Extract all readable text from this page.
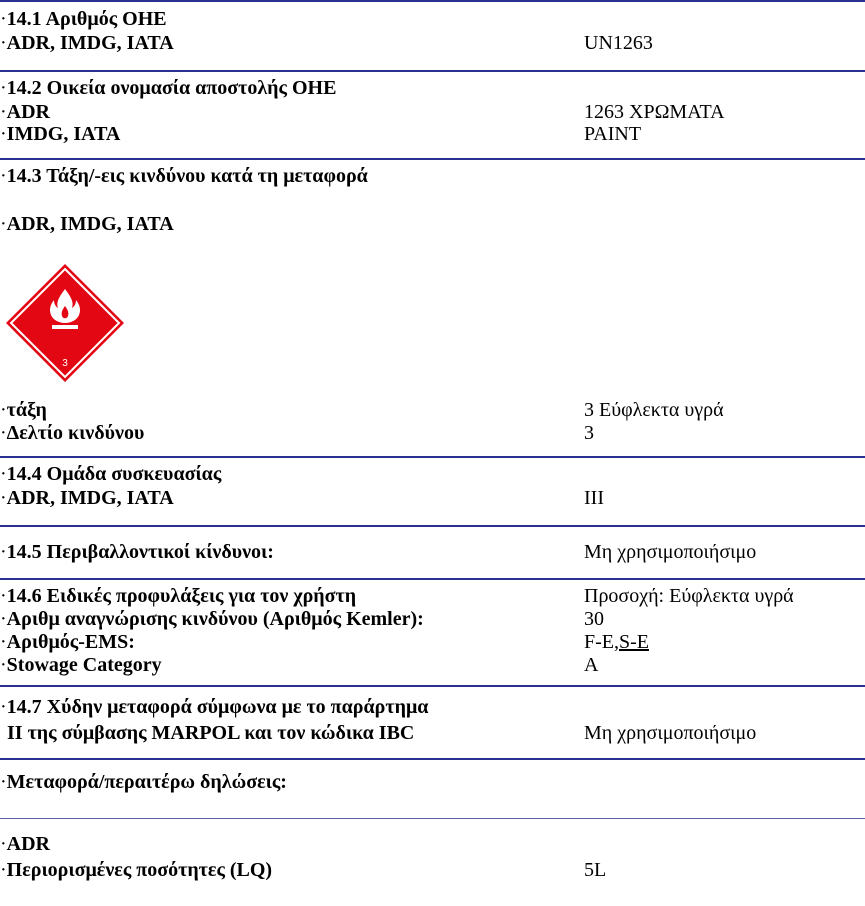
·14.1 Αριθμός ΟΗΕ
·ADR, IMDG, IATA	UN1263
·14.2 Οικεία ονομασία αποστολής ΟΗΕ
·ADR	1263 ΧΡΩΜΑΤΑ
·IMDG, IATA	PAINT
·14.3 Τάξη/-εις κινδύνου κατά τη μεταφορά
·ADR, IMDG, IATA
3
·τάξη	3 Εύφλεκτα υγρά
·Δελτίο κινδύνου	3
·14.4 Ομάδα συσκευασίας
·ADR, IMDG, IATA	III
·14.5 Περιβαλλοντικοί κίνδυνοι:	Μη χρησιμοποιήσιμο
·14.6 Ειδικές προφυλάξεις για τον χρήστη	Προσοχή: Εύφλεκτα υγρά
·Αριθμ αναγνώρισης κινδύνου (Αριθμός Kemler):	30
·Αριθμός-EMS:	F-E,S-E
·Stowage Category	A
·14.7 Χύδην μεταφορά σύμφωνα με το παράρτημα
II της σύμβασης MARPOL και τον κώδικα IBC	Μη χρησιμοποιήσιμο
·Μεταφορά/περαιτέρω δηλώσεις:
·ADR
·Περιορισμένες ποσότητες (LQ)	5L
